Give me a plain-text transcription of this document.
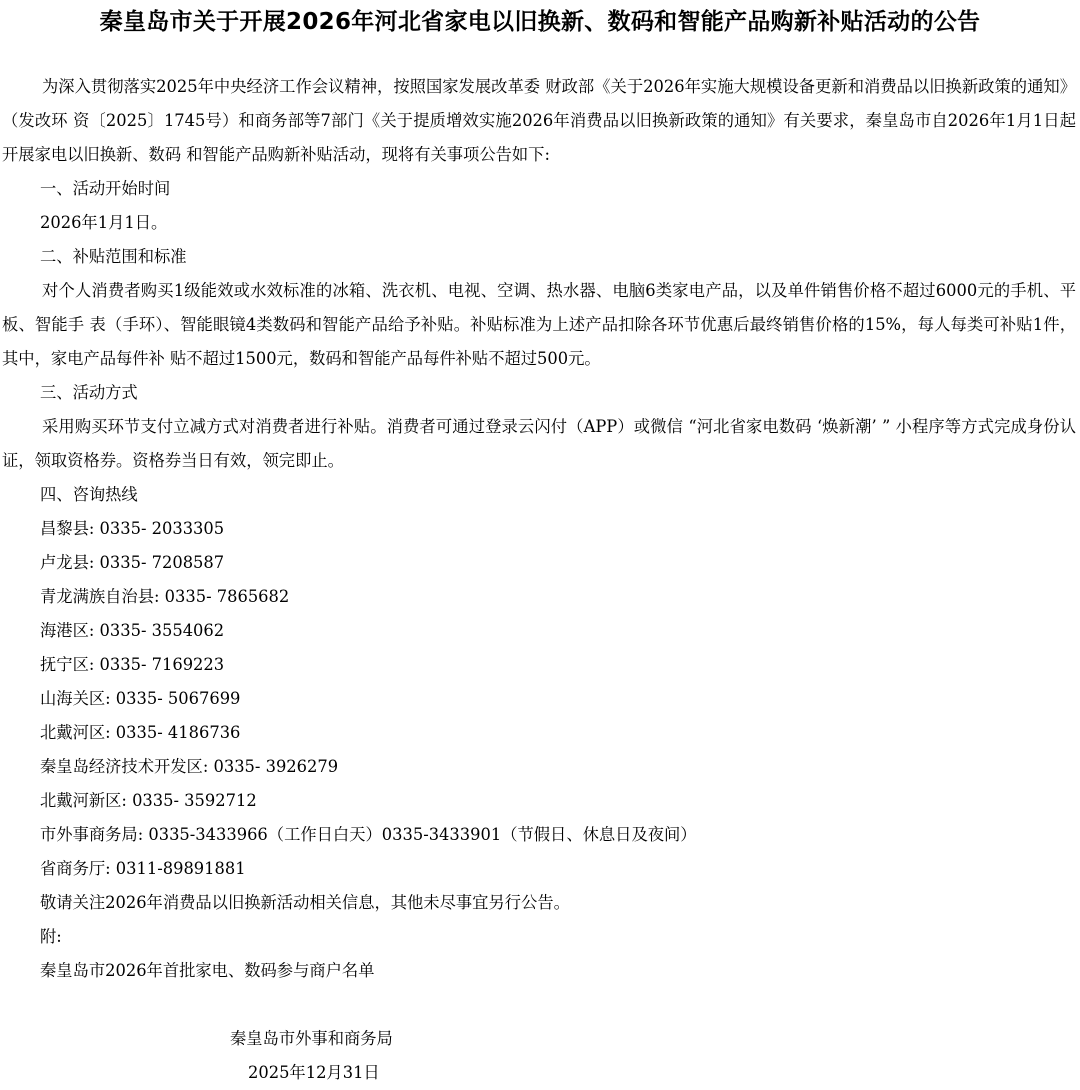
秦皇岛市关于开展2026年河北省家电以旧换新、数码和智能产品购新补贴活动的公告

为深入贯彻落实2025年中央经济工作会议精神，按照国家发展改革委 财政部《关于2026年实施大规模设备更新和消费品以旧换新政策的通知》（发改环 资〔2025〕1745号）和商务部等7部门《关于提质增效实施2026年消费品以旧换新政策的通知》有关要求，秦皇岛市自2026年1月1日起开展家电以旧换新、数码 和智能产品购新补贴活动，现将有关事项公告如下:

一、活动开始时间

2026年1月1日。

二、补贴范围和标准

对个人消费者购买1级能效或水效标准的冰箱、洗衣机、电视、空调、热水器、电脑6类家电产品，以及单件销售价格不超过6000元的手机、平板、智能手 表（手环）、智能眼镜4类数码和智能产品给予补贴。补贴标准为上述产品扣除各环节优惠后最终销售价格的15%，每人每类可补贴1件，其中，家电产品每件补 贴不超过1500元，数码和智能产品每件补贴不超过500元。

三、活动方式

采用购买环节支付立减方式对消费者进行补贴。消费者可通过登录云闪付（APP）或微信 “河北省家电数码 ‘焕新潮’ ” 小程序等方式完成身份认证，领取资格券。资格券当日有效，领完即止。

四、咨询热线

昌黎县: 0335- 2033305

卢龙县: 0335- 7208587

青龙满族自治县: 0335- 7865682

海港区: 0335- 3554062

抚宁区: 0335- 7169223

山海关区: 0335- 5067699

北戴河区: 0335- 4186736

秦皇岛经济技术开发区: 0335- 3926279

北戴河新区: 0335- 3592712

市外事商务局: 0335-3433966（工作日白天）0335-3433901（节假日、休息日及夜间）

省商务厅: 0311-89891881

敬请关注2026年消费品以旧换新活动相关信息，其他未尽事宜另行公告。

附:

秦皇岛市2026年首批家电、数码参与商户名单

秦皇岛市外事和商务局
2025年12月31日
